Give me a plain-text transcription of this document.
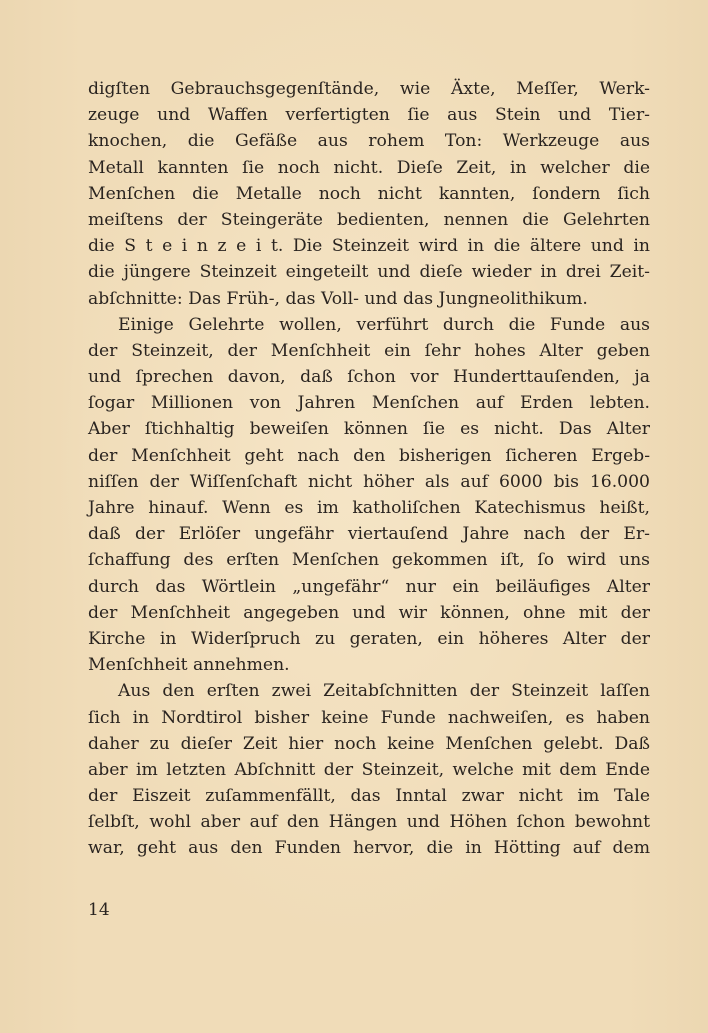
digſten Gebrauchsgegenſtände, wie Äxte, Meſſer, Werk-
zeuge und Waffen verfertigten ſie aus Stein und Tier-
knochen, die Gefäße aus rohem Ton: Werkzeuge aus
Metall kannten ſie noch nicht. Dieſe Zeit, in welcher die
Menſchen die Metalle noch nicht kannten, ſondern ſich
meiſtens der Steingeräte bedienten, nennen die Gelehrten
die S t e i n z e i t. Die Steinzeit wird in die ältere und in
die jüngere Steinzeit eingeteilt und dieſe wieder in drei Zeit-
abſchnitte: Das Früh-, das Voll- und das Jungneolithikum.
Einige Gelehrte wollen, verführt durch die Funde aus
der Steinzeit, der Menſchheit ein ſehr hohes Alter geben
und ſprechen davon, daß ſchon vor Hunderttauſenden, ja
ſogar Millionen von Jahren Menſchen auf Erden lebten.
Aber ſtichhaltig beweiſen können ſie es nicht. Das Alter
der Menſchheit geht nach den bisherigen ſicheren Ergeb-
niſſen der Wiſſenſchaft nicht höher als auf 6000 bis 16.000
Jahre hinauf. Wenn es im katholiſchen Katechismus heißt,
daß der Erlöſer ungefähr viertauſend Jahre nach der Er-
ſchaffung des erſten Menſchen gekommen iſt, ſo wird uns
durch das Wörtlein „ungefähr“ nur ein beiläufiges Alter
der Menſchheit angegeben und wir können, ohne mit der
Kirche in Widerſpruch zu geraten, ein höheres Alter der
Menſchheit annehmen.
Aus den erſten zwei Zeitabſchnitten der Steinzeit laſſen
ſich in Nordtirol bisher keine Funde nachweiſen, es haben
daher zu dieſer Zeit hier noch keine Menſchen gelebt. Daß
aber im letzten Abſchnitt der Steinzeit, welche mit dem Ende
der Eiszeit zuſammenfällt, das Inntal zwar nicht im Tale
ſelbſt, wohl aber auf den Hängen und Höhen ſchon bewohnt
war, geht aus den Funden hervor, die in Hötting auf dem
14
